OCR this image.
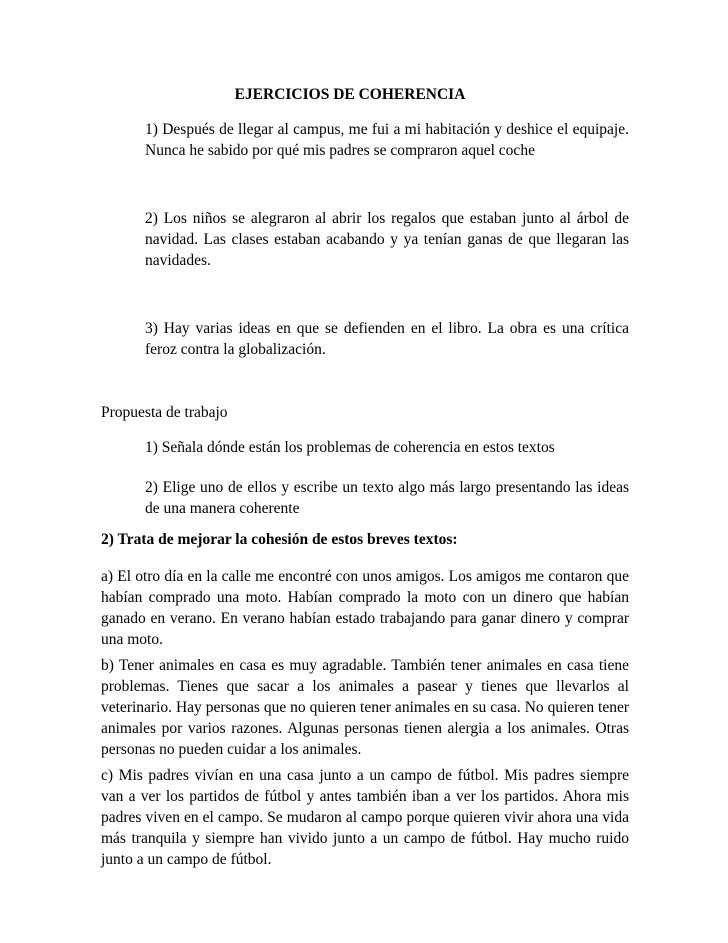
EJERCICIOS DE COHERENCIA

1) Después de llegar al campus, me fui a mi habitación y deshice el equipaje. Nunca he sabido por qué mis padres se compraron aquel coche

2) Los niños se alegraron al abrir los regalos que estaban junto al árbol de navidad. Las clases estaban acabando y ya tenían ganas de que llegaran las navidades.

3) Hay varias ideas en que se defienden en el libro. La obra es una crítica feroz contra la globalización.

Propuesta de trabajo

1) Señala dónde están los problemas de coherencia en estos textos

2) Elige uno de ellos y escribe un texto algo más largo presentando las ideas de una manera coherente

2) Trata de mejorar la cohesión de estos breves textos:

a) El otro día en la calle me encontré con unos amigos. Los amigos me contaron que habían comprado una moto. Habían comprado la moto con un dinero que habían ganado en verano. En verano habían estado trabajando para ganar dinero y comprar una moto.

b) Tener animales en casa es muy agradable. También tener animales en casa tiene problemas. Tienes que sacar a los animales a pasear y tienes que llevarlos al veterinario. Hay personas que no quieren tener animales en su casa. No quieren tener animales por varios razones. Algunas personas tienen alergia a los animales. Otras personas no pueden cuidar a los animales.

c) Mis padres vivían en una casa junto a un campo de fútbol. Mis padres siempre van a ver los partidos de fútbol y antes también iban a ver los partidos. Ahora mis padres viven en el campo. Se mudaron al campo porque quieren vivir ahora una vida más tranquila y siempre han vivido junto a un campo de fútbol. Hay mucho ruido junto a un campo de fútbol.
